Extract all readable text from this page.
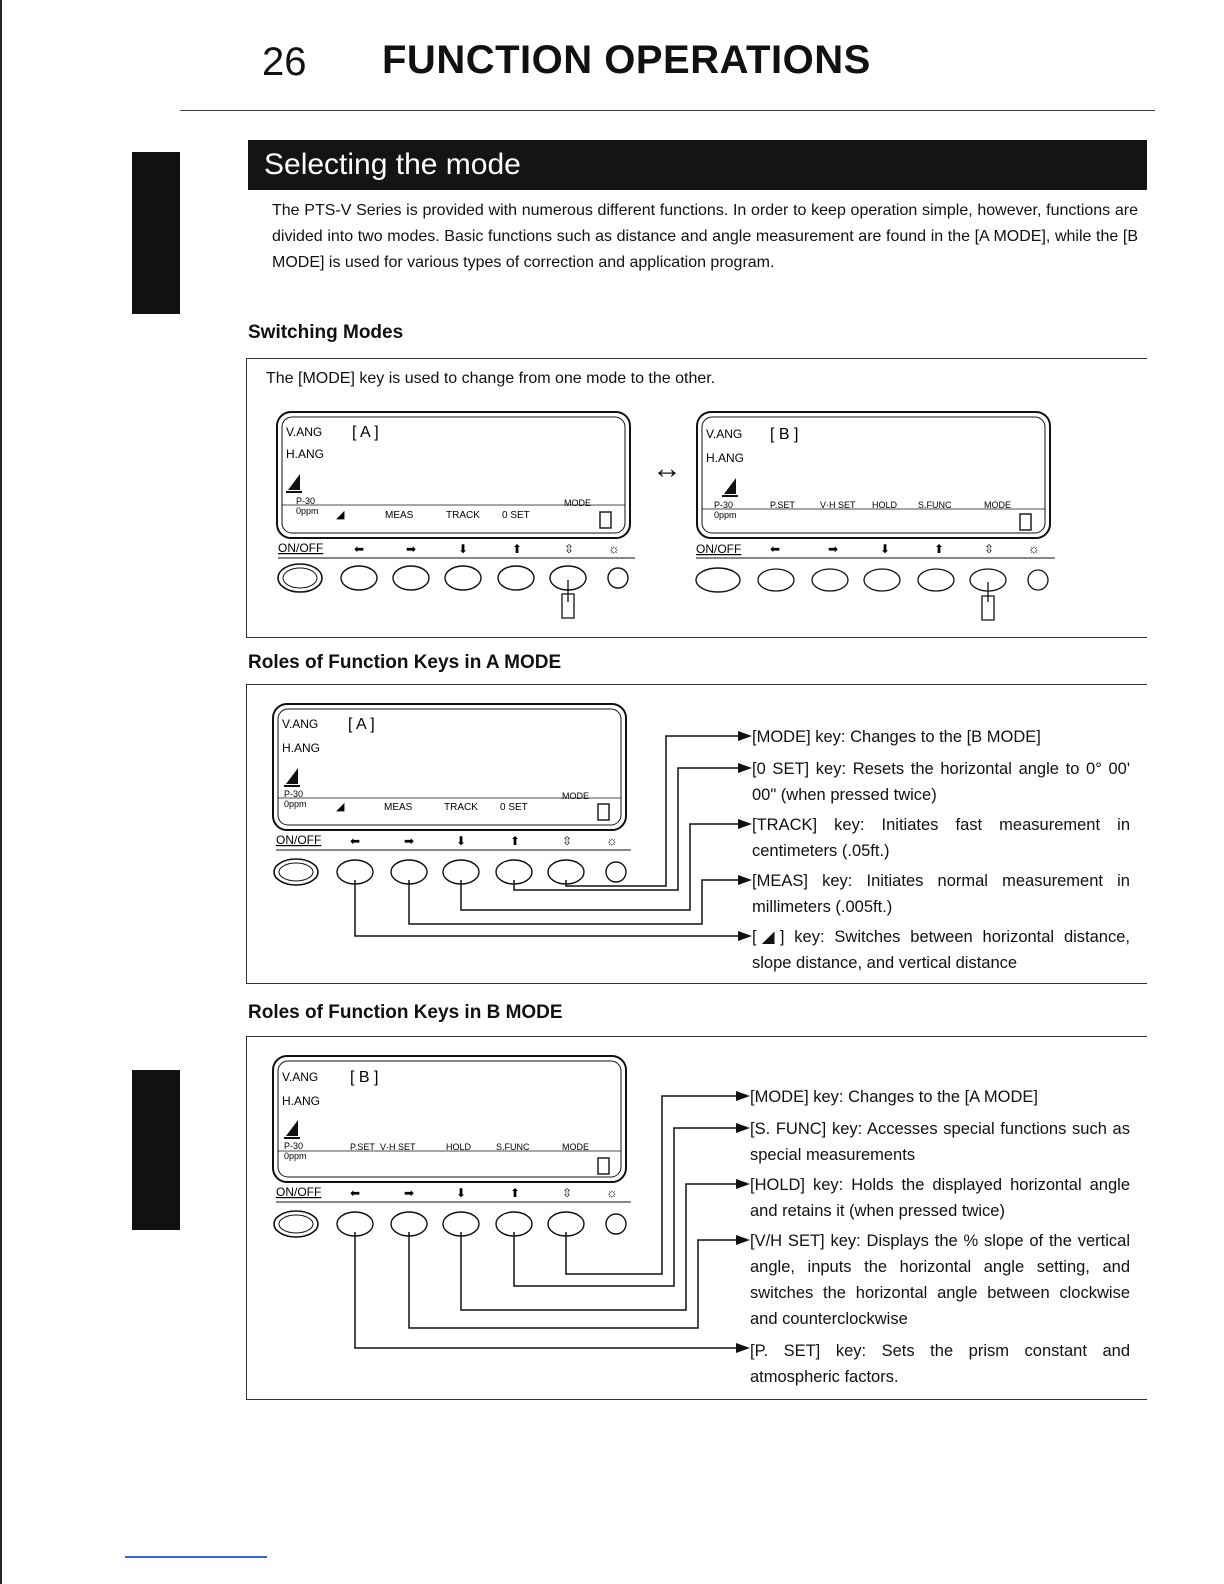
26 FUNCTION OPERATIONS
Selecting the mode
The PTS-V Series is provided with numerous different functions. In order to keep operation simple, however, functions are divided into two modes. Basic functions such as distance and angle measurement are found in the [A MODE], while the [B MODE] is used for various types of correction and application program.
Switching Modes
The [MODE] key is used to change from one mode to the other.
V.ANG [ A ]
H.ANG
P-30
0ppm ◢	MEAS	TRACK 0 SET
MODE
ON/OFF	⬅	➡	⬇	⬆	⇳	☼
↔
V.ANG [ B ]
H.ANG
P-30
0ppm
P.SET	V·H SET HOLD S.FUNC	MODE
ON/OFF ⬅	➡	⬇	⬆	⇳	☼
Roles of Function Keys in A MODE
V.ANG [ A ]
H.ANG
P-30
0ppm	◢	MEAS	TRACK 0 SET
MODE
ON/OFF ⬅	➡	⬇	⬆	⇳	☼

[MODE] key: Changes to the [B MODE]

[0 SET] key: Resets the horizontal angle to 0° 00' 00" (when pressed twice)

[TRACK] key: Initiates fast measurement in centimeters (.05ft.)

[MEAS] key: Initiates normal measurement in millimeters (.005ft.)

[◢] key: Switches between horizontal distance, slope distance, and vertical distance

Roles of Function Keys in B MODE
V.ANG [ B ]
H.ANG
P-30
0ppm
P.SET V·H SET	HOLD	S.FUNC	MODE
ON/OFF ⬅	➡	⬇	⬆	⇳	☼

[MODE] key: Changes to the [A MODE]

[S. FUNC] key: Accesses special functions such as special measurements

[HOLD] key: Holds the displayed horizontal angle and retains it (when pressed twice)

[V/H SET] key: Displays the % slope of the vertical angle, inputs the horizontal angle setting, and switches the horizontal angle between clockwise and counterclockwise

[P. SET] key: Sets the prism constant and atmospheric factors.
